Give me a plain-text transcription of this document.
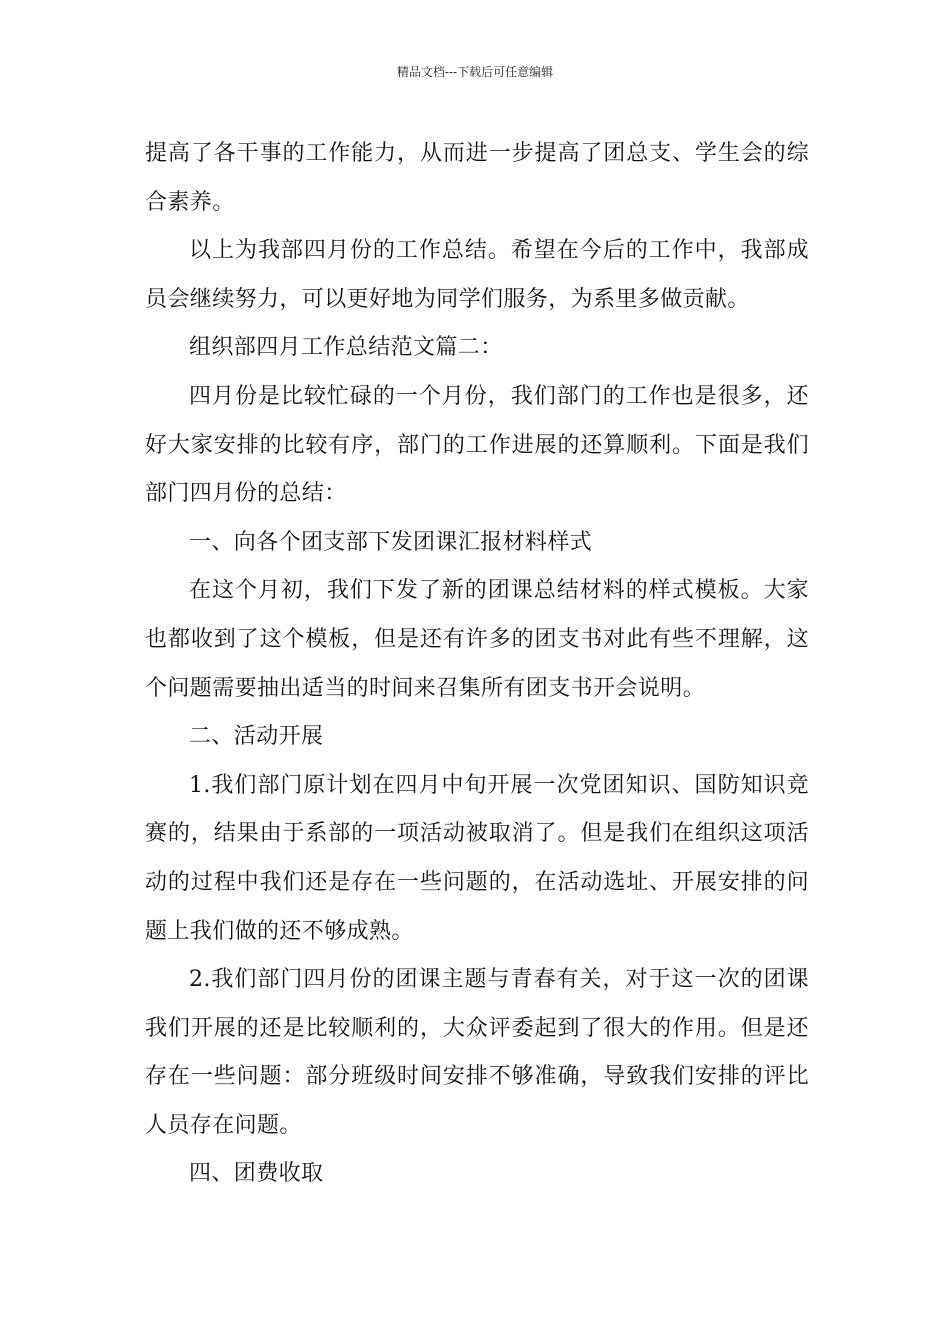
精品文档---下载后可任意编辑

提高了各干事的工作能力，从而进一步提高了团总支、学生会的综合素养。

以上为我部四月份的工作总结。希望在今后的工作中，我部成员会继续努力，可以更好地为同学们服务，为系里多做贡献。

组织部四月工作总结范文篇二：

四月份是比较忙碌的一个月份，我们部门的工作也是很多，还好大家安排的比较有序，部门的工作进展的还算顺利。下面是我们部门四月份的总结：

一、向各个团支部下发团课汇报材料样式

在这个月初，我们下发了新的团课总结材料的样式模板。大家也都收到了这个模板，但是还有许多的团支书对此有些不理解，这个问题需要抽出适当的时间来召集所有团支书开会说明。

二、活动开展

1.我们部门原计划在四月中旬开展一次党团知识、国防知识竞赛的，结果由于系部的一项活动被取消了。但是我们在组织这项活动的过程中我们还是存在一些问题的，在活动选址、开展安排的问题上我们做的还不够成熟。

2.我们部门四月份的团课主题与青春有关，对于这一次的团课我们开展的还是比较顺利的，大众评委起到了很大的作用。但是还存在一些问题：部分班级时间安排不够准确，导致我们安排的评比人员存在问题。

四、团费收取
